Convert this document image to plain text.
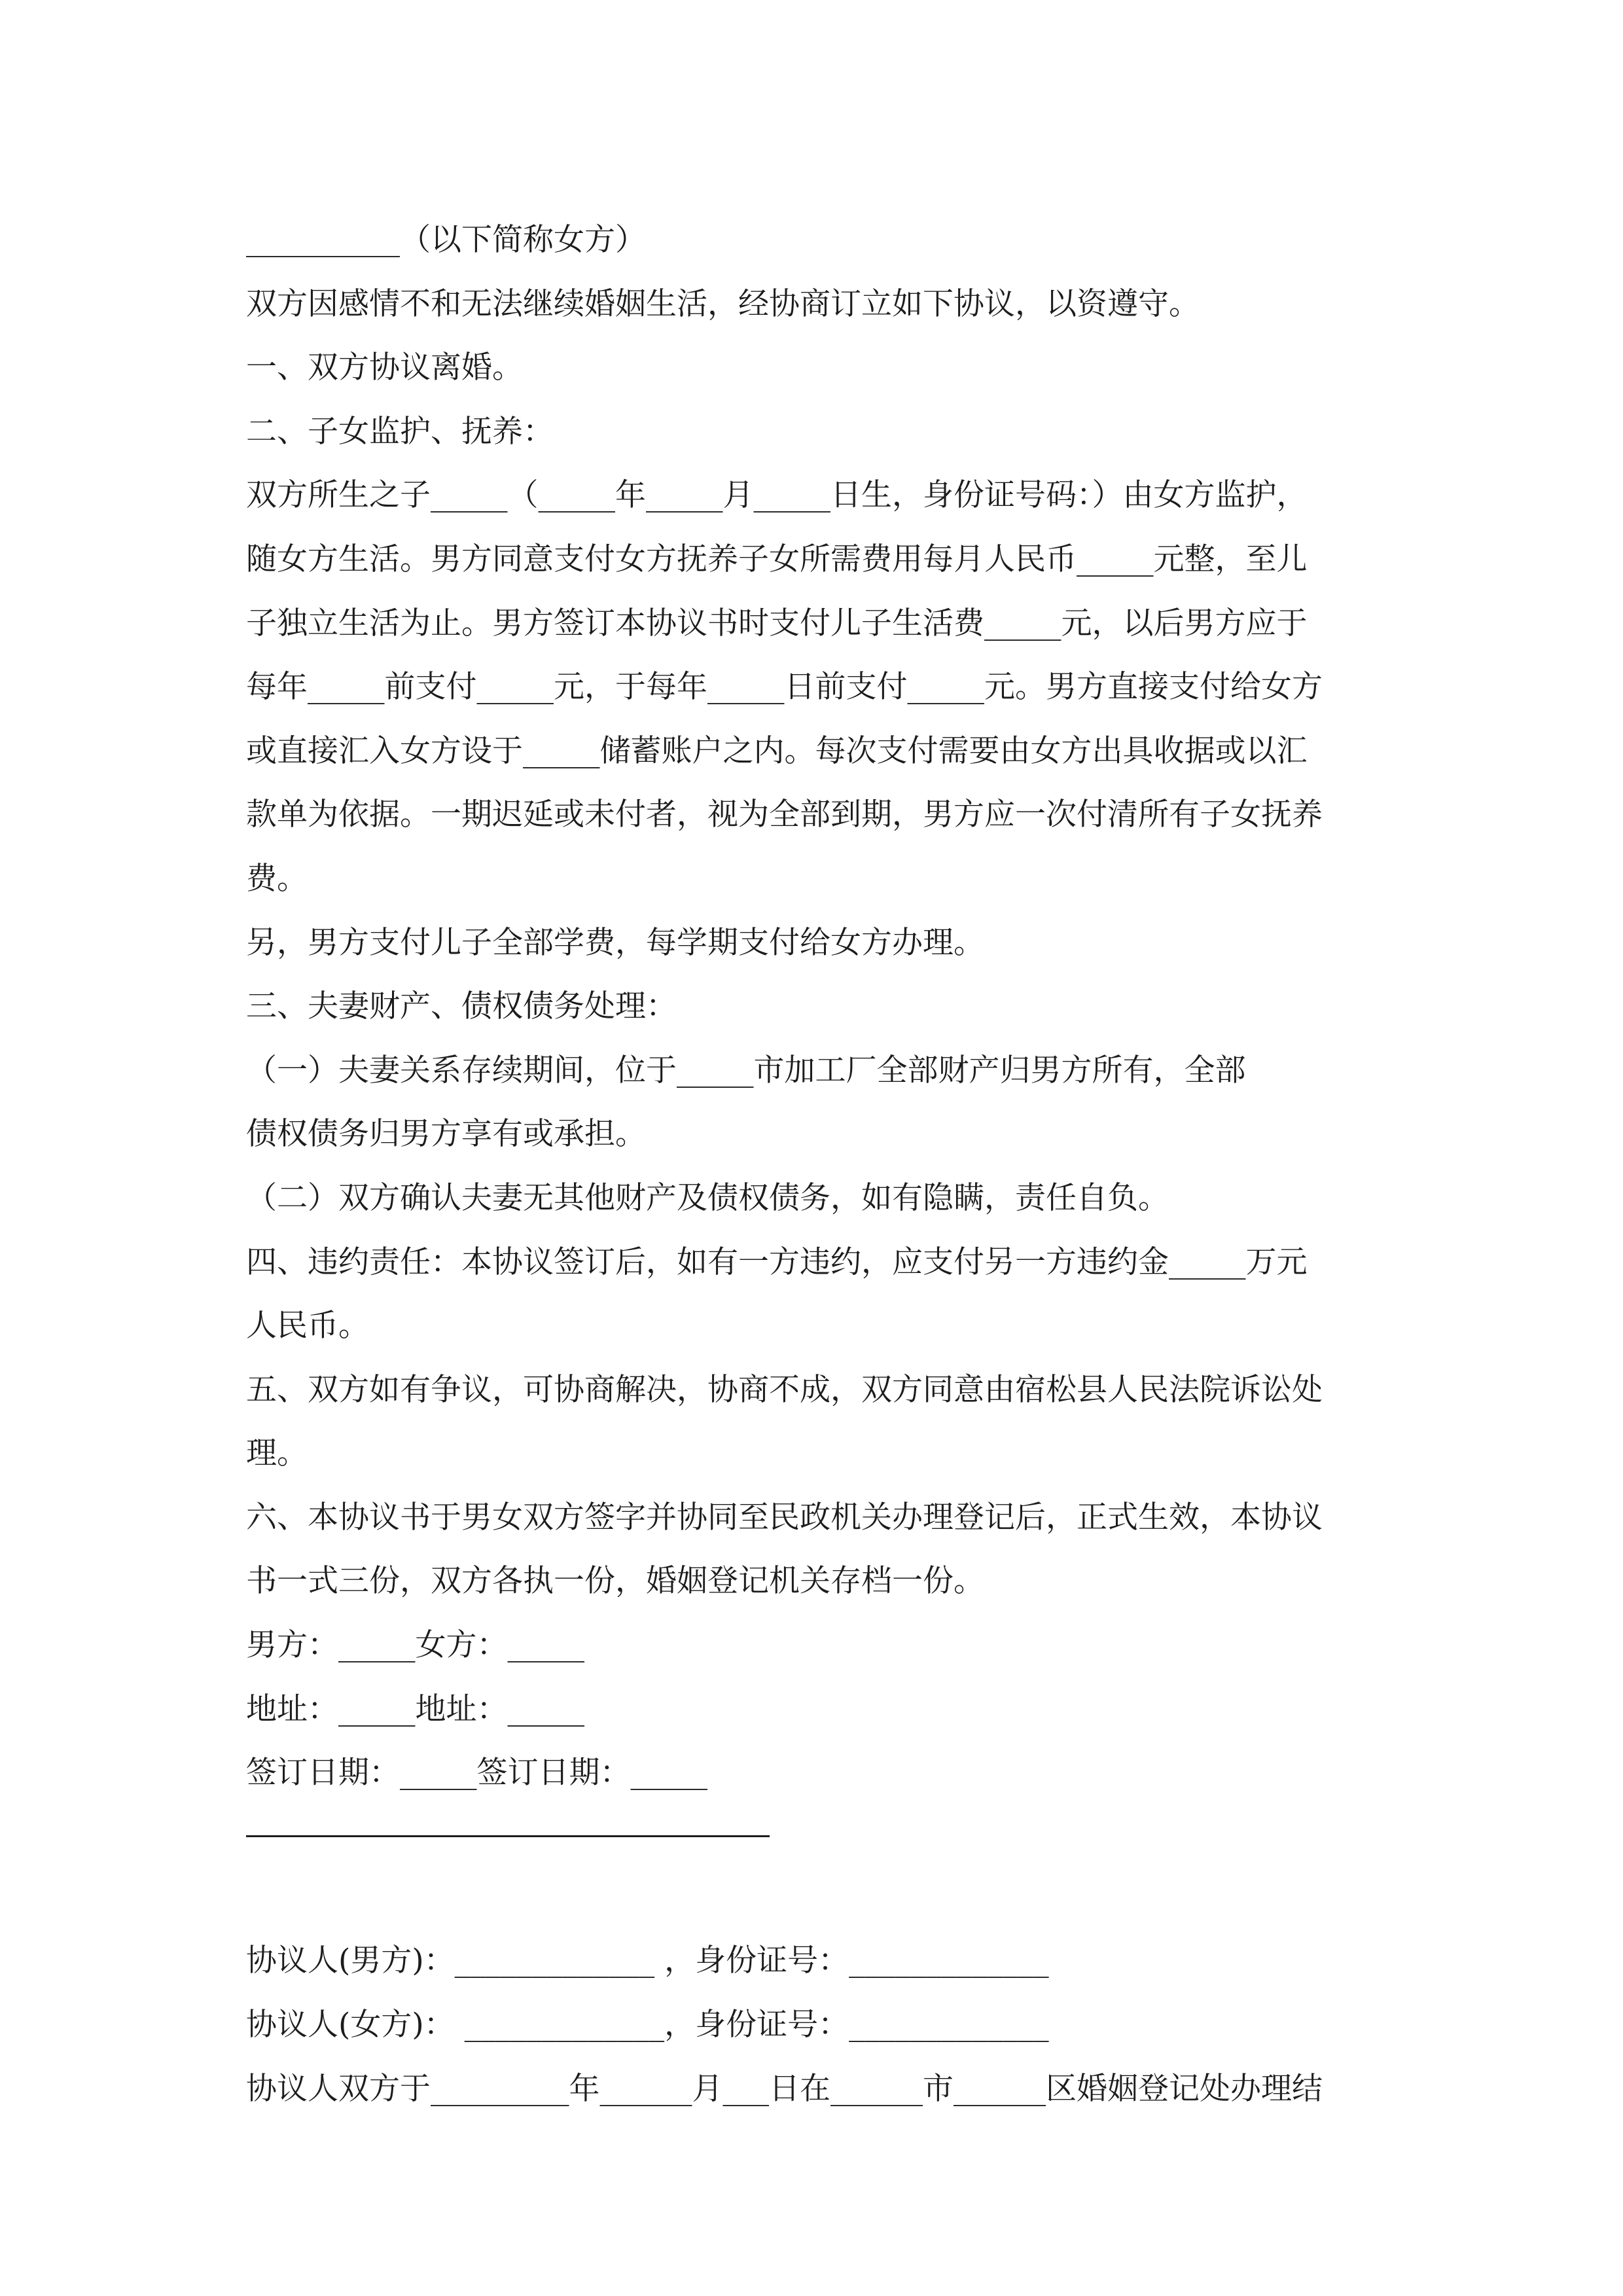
__________（以下简称女方）
双方因感情不和无法继续婚姻生活，经协商订立如下协议，以资遵守。
一、双方协议离婚。
二、子女监护、抚养：
双方所生之子_____（_____年_____月_____日生，身份证号码：）由女方监护，
随女方生活。男方同意支付女方抚养子女所需费用每月人民币_____元整，至儿
子独立生活为止。男方签订本协议书时支付儿子生活费_____元，以后男方应于
每年_____前支付_____元，于每年_____日前支付_____元。男方直接支付给女方
或直接汇入女方设于_____储蓄账户之内。每次支付需要由女方出具收据或以汇
款单为依据。一期迟延或未付者，视为全部到期，男方应一次付清所有子女抚养
费。
另，男方支付儿子全部学费，每学期支付给女方办理。
三、夫妻财产、债权债务处理：
（一）夫妻关系存续期间，位于_____市加工厂全部财产归男方所有，全部
债权债务归男方享有或承担。
（二）双方确认夫妻无其他财产及债权债务，如有隐瞒，责任自负。
四、违约责任：本协议签订后，如有一方违约，应支付另一方违约金_____万元
人民币。
五、双方如有争议，可协商解决，协商不成，双方同意由宿松县人民法院诉讼处
理。
六、本协议书于男女双方签字并协同至民政机关办理登记后，正式生效，本协议
书一式三份，双方各执一份，婚姻登记机关存档一份。
男方：_____女方：_____
地址：_____地址：_____
签订日期：_____签订日期：_____
协议人(男方)：_____________ ，身份证号：_____________
协议人(女方)： _____________，身份证号：_____________
协议人双方于_________年______月___日在______市______区婚姻登记处办理结
